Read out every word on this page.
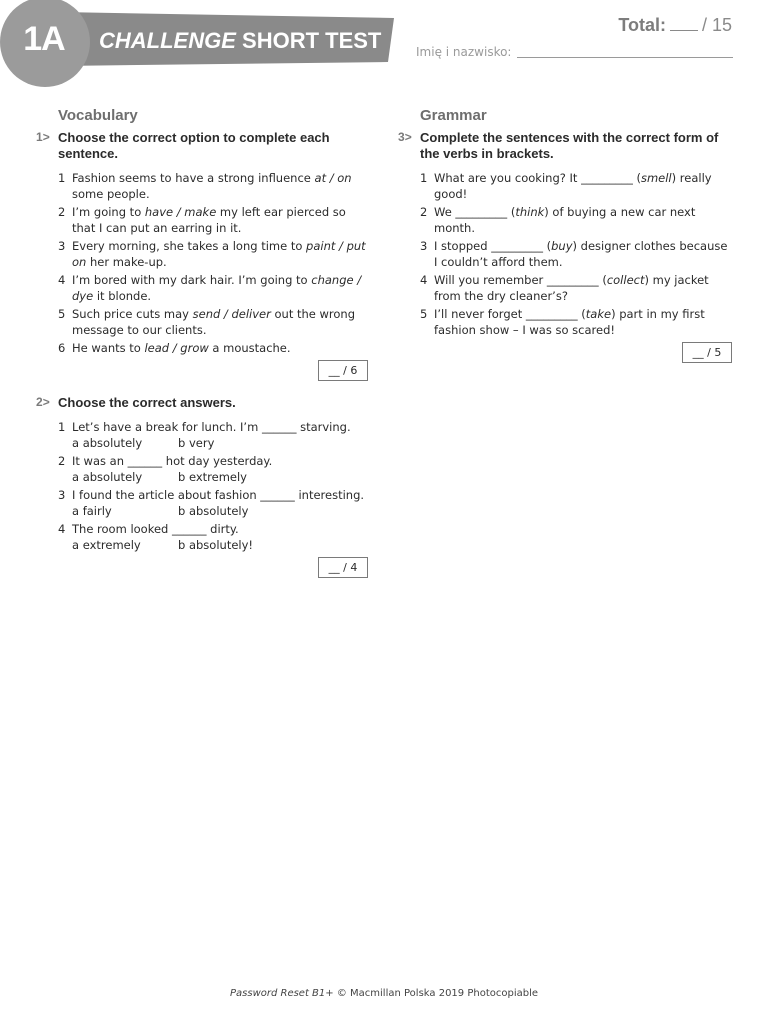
1A	CHALLENGE SHORT TEST
Total: / 15
Imię i nazwisko:
Vocabulary
1> Choose the correct option to complete each sentence.
1 Fashion seems to have a strong influence at / on some people.
2 I’m going to have / make my left ear pierced so that I can put an earring in it.
3 Every morning, she takes a long time to paint / put on her make-up.
4 I’m bored with my dark hair. I’m going to change / dye it blonde.
5 Such price cuts may send / deliver out the wrong message to our clients.
6 He wants to lead / grow a moustache.
__ / 6
2> Choose the correct answers.
1 Let’s have a break for lunch. I’m ______ starving.
a absolutely	b very
2 It was an ______ hot day yesterday.
a absolutely	b extremely
3 I found the article about fashion ______ interesting.
a fairly	b absolutely
4 The room looked ______ dirty.
a extremely	b absolutely!
__ / 4
Grammar
3> Complete the sentences with the correct form of the verbs in brackets.
1 What are you cooking? It _________ (smell) really good!
2 We _________ (think) of buying a new car next month.
3 I stopped _________ (buy) designer clothes because I couldn’t afford them.
4 Will you remember _________ (collect) my jacket from the dry cleaner’s?
5 I’ll never forget _________ (take) part in my first fashion show – I was so scared!
__ / 5
Password Reset B1+ © Macmillan Polska 2019 Photocopiable
